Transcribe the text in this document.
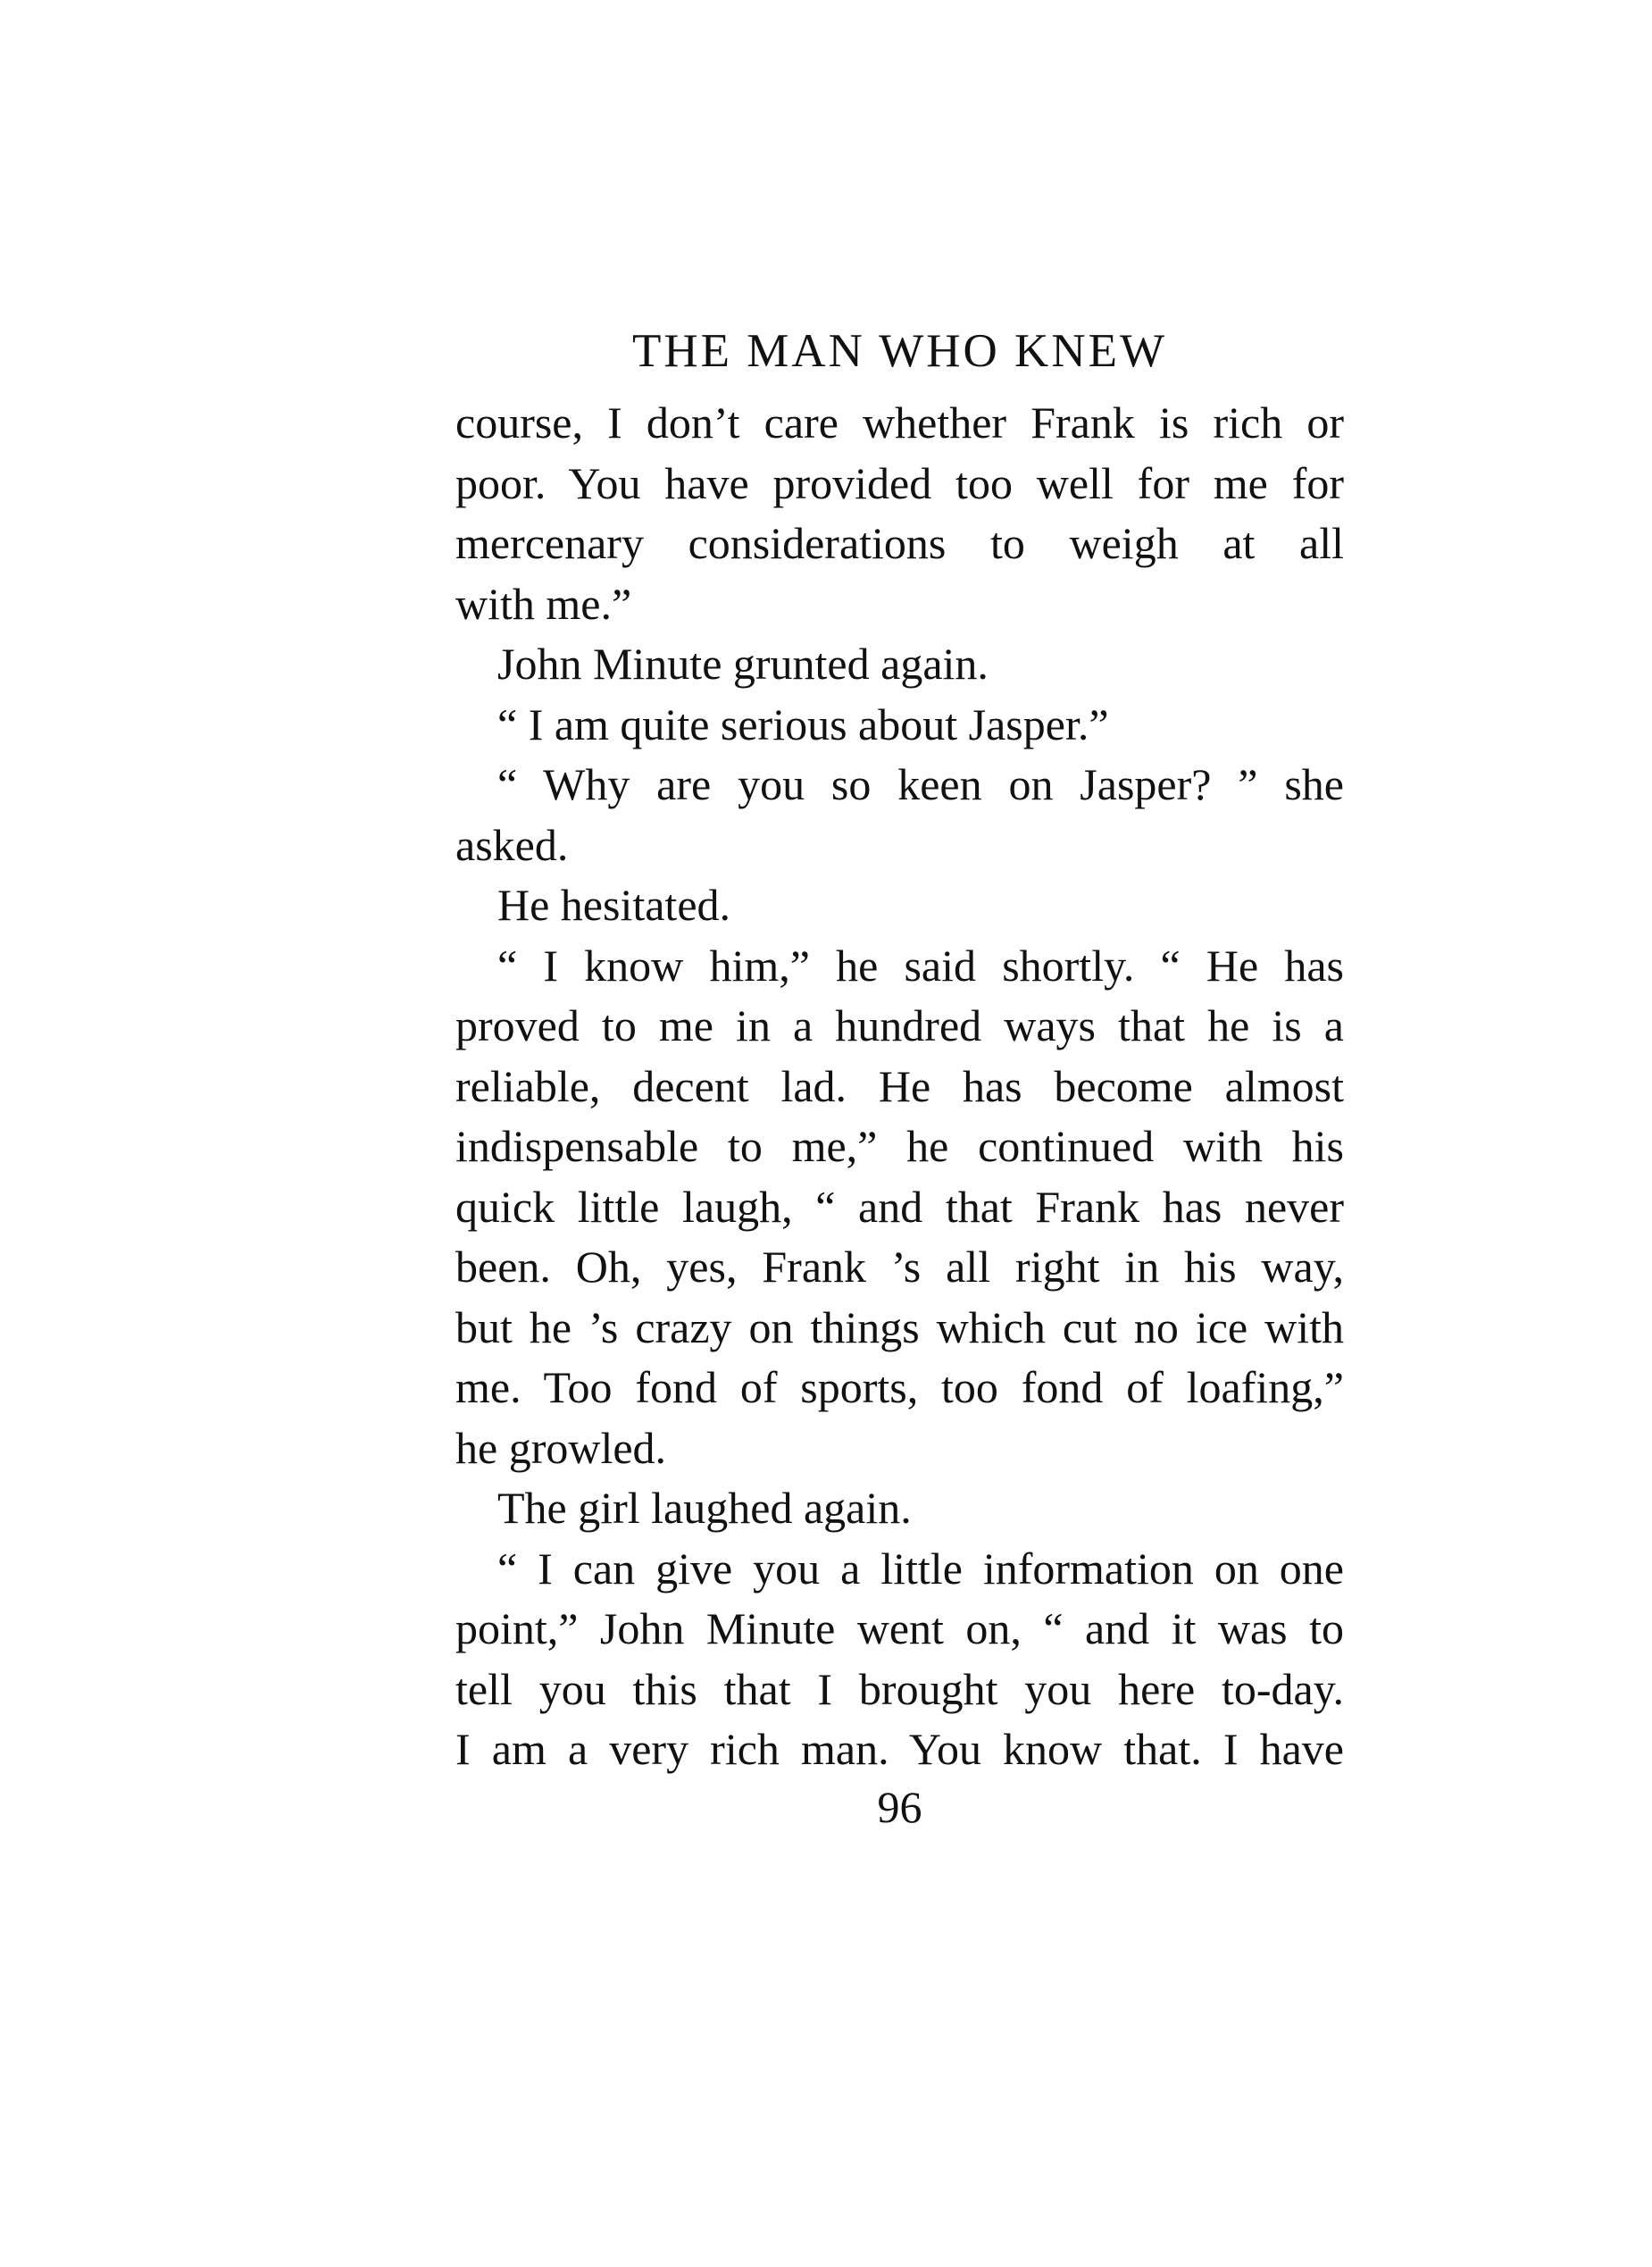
THE MAN WHO KNEW
course, I don’t care whether Frank is rich or
poor. You have provided too well for me for
mercenary considerations to weigh at all
with me.”
John Minute grunted again.
“ I am quite serious about Jasper.”
“ Why are you so keen on Jasper? ” she
asked.
He hesitated.
“ I know him,” he said shortly. “ He has
proved to me in a hundred ways that he is a
reliable, decent lad. He has become almost
indispensable to me,” he continued with his
quick little laugh, “ and that Frank has never
been. Oh, yes, Frank ’s all right in his way,
but he ’s crazy on things which cut no ice with
me. Too fond of sports, too fond of loafing,”
he growled.
The girl laughed again.
“ I can give you a little information on one
point,” John Minute went on, “ and it was to
tell you this that I brought you here to-day.
I am a very rich man. You know that. I have
96
